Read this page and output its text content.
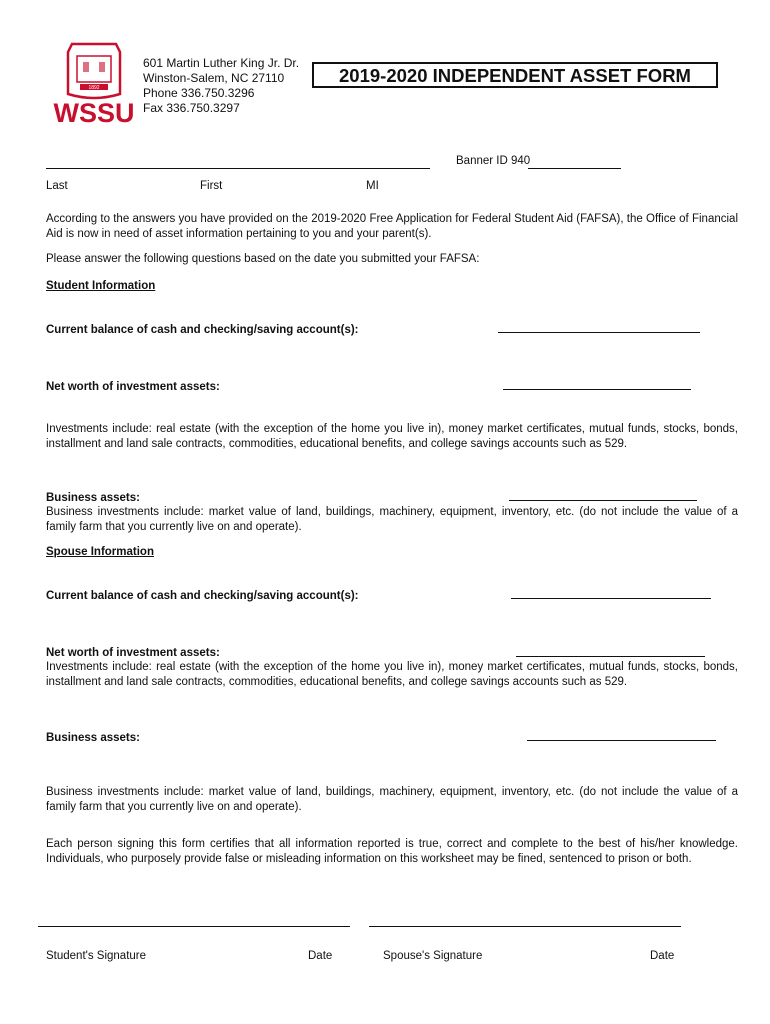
1892
WSSU
601 Martin Luther King Jr. Dr.
Winston-Salem, NC 27110
Phone 336.750.3296
Fax 336.750.3297
2019-2020 INDEPENDENT ASSET FORM
Banner ID 940
Last	First	MI
According to the answers you have provided on the 2019-2020 Free Application for Federal Student Aid (FAFSA), the Office of Financial Aid is now in need of asset information pertaining to you and your parent(s).
Please answer the following questions based on the date you submitted your FAFSA:
Student Information
Current balance of cash and checking/saving account(s):
Net worth of investment assets:
Investments include: real estate (with the exception of the home you live in), money market certificates, mutual funds, stocks, bonds, installment and land sale contracts, commodities, educational benefits, and college savings accounts such as 529.
Business assets:
Business investments include: market value of land, buildings, machinery, equipment, inventory, etc. (do not include the value of a family farm that you currently live on and operate).
Spouse Information
Current balance of cash and checking/saving account(s):
Net worth of investment assets:
Investments include: real estate (with the exception of the home you live in), money market certificates, mutual funds, stocks, bonds, installment and land sale contracts, commodities, educational benefits, and college savings accounts such as 529.
Business assets:
Business investments include: market value of land, buildings, machinery, equipment, inventory, etc. (do not include the value of a family farm that you currently live on and operate).
Each person signing this form certifies that all information reported is true, correct and complete to the best of his/her knowledge. Individuals, who purposely provide false or misleading information on this worksheet may be fined, sentenced to prison or both.
Student's Signature	Date	Spouse's Signature	Date
